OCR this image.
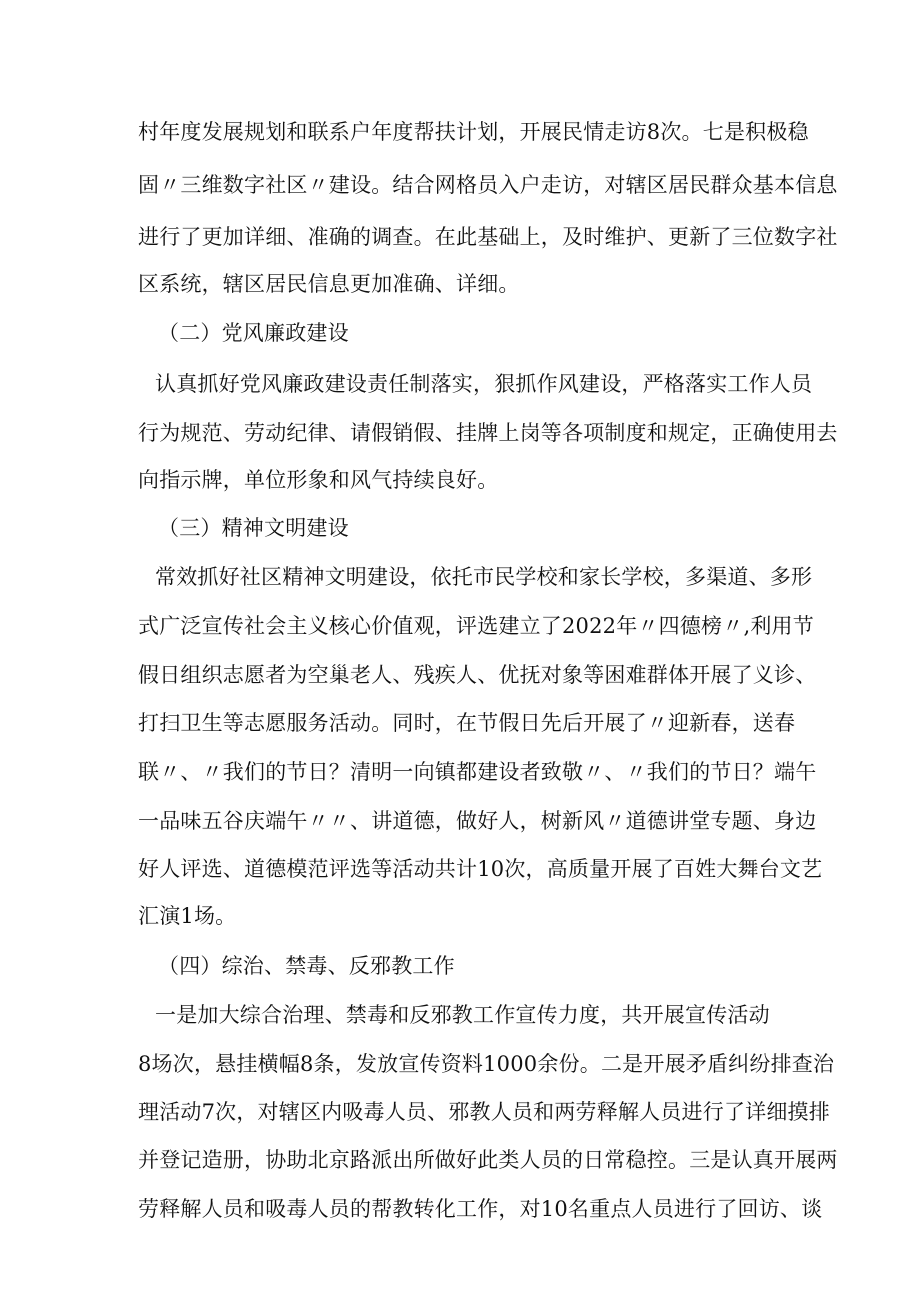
村年度发展规划和联系户年度帮扶计划，开展民情走访8次。七是积极稳
固〃三维数字社区〃建设。结合网格员入户走访，对辖区居民群众基本信息
进行了更加详细、准确的调查。在此基础上，及时维护、更新了三位数字社
区系统，辖区居民信息更加准确、详细。
（二）党风廉政建设
认真抓好党风廉政建设责任制落实，狠抓作风建设，严格落实工作人员
行为规范、劳动纪律、请假销假、挂牌上岗等各项制度和规定，正确使用去
向指示牌，单位形象和风气持续良好。
（三）精神文明建设
常效抓好社区精神文明建设，依托市民学校和家长学校，多渠道、多形
式广泛宣传社会主义核心价值观，评选建立了2022年〃四德榜〃,利用节
假日组织志愿者为空巢老人、残疾人、优抚对象等困难群体开展了义诊、
打扫卫生等志愿服务活动。同时，在节假日先后开展了〃迎新春，送春
联〃、〃我们的节日？清明一向镇都建设者致敬〃、〃我们的节日？端午
一品味五谷庆端午〃〃、讲道德，做好人，树新风〃道德讲堂专题、身边
好人评选、道德模范评选等活动共计10次，高质量开展了百姓大舞台文艺
汇演1场。
（四）综治、禁毒、反邪教工作
一是加大综合治理、禁毒和反邪教工作宣传力度，共开展宣传活动
8场次，悬挂横幅8条，发放宣传资料1000余份。二是开展矛盾纠纷排查治
理活动7次，对辖区内吸毒人员、邪教人员和两劳释解人员进行了详细摸排
并登记造册，协助北京路派出所做好此类人员的日常稳控。三是认真开展两
劳释解人员和吸毒人员的帮教转化工作，对10名重点人员进行了回访、谈
